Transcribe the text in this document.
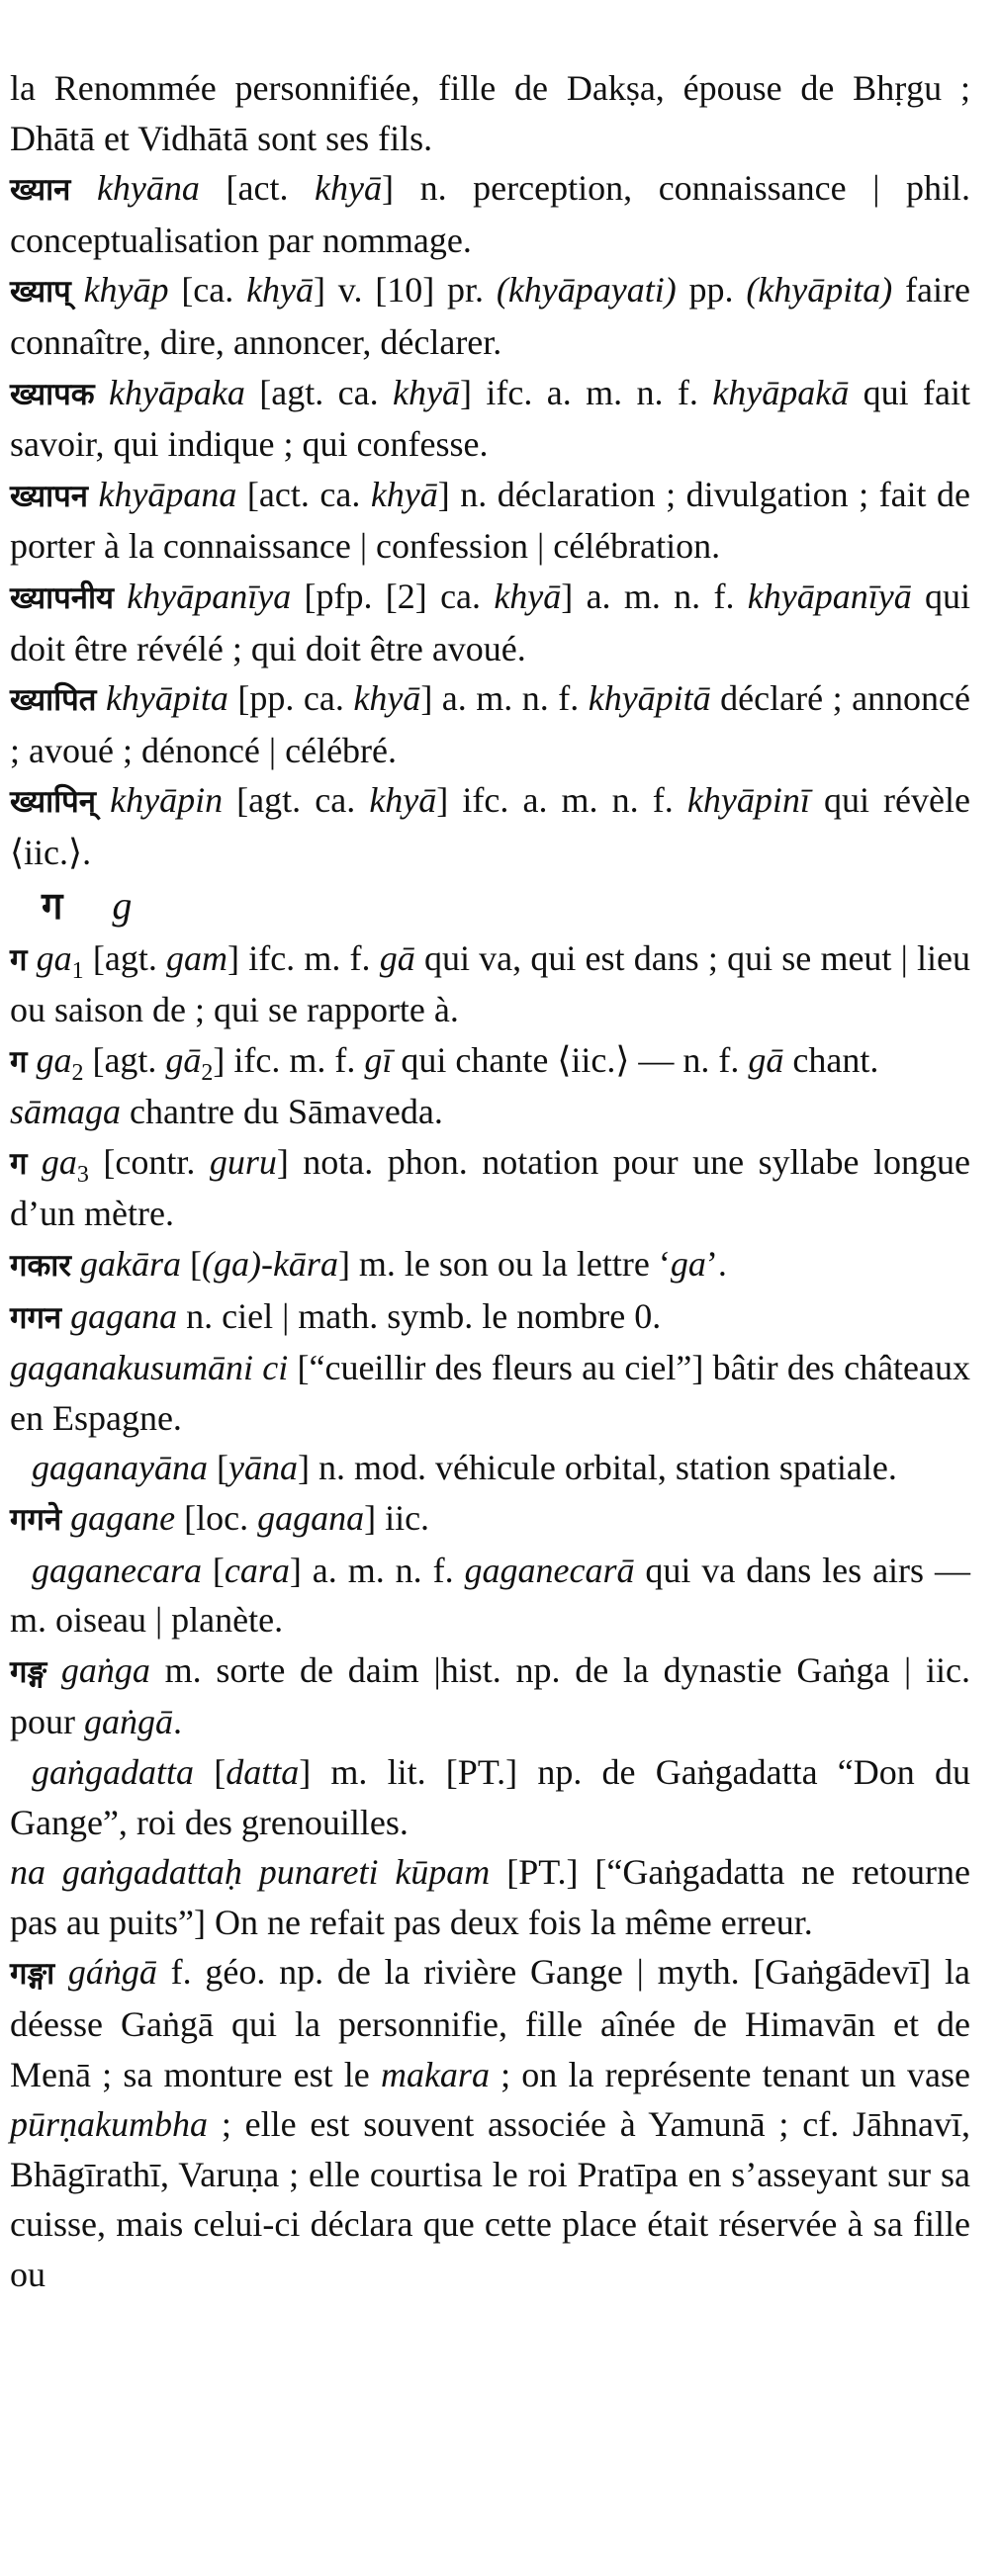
la Renommée personnifiée, fille de Dakṣa, épouse de Bhṛgu ; Dhātā et Vidhātā sont ses fils.

ख्यान khyāna [act. khyā] n. perception, connaissance | phil. conceptualisation par nommage.

ख्याप् khyāp [ca. khyā] v. [10] pr. (khyāpayati) pp. (khyāpita) faire connaître, dire, annoncer, déclarer.

ख्यापक khyāpaka [agt. ca. khyā] ifc. a. m. n. f. khyāpakā qui fait savoir, qui indique ; qui confesse.

ख्यापन khyāpana [act. ca. khyā] n. déclaration ; divulgation ; fait de porter à la connaissance | confession | célébration.

ख्यापनीय khyāpanīya [pfp. [2] ca. khyā] a. m. n. f. khyāpanīyā qui doit être révélé ; qui doit être avoué.

ख्यापित khyāpita [pp. ca. khyā] a. m. n. f. khyāpitā déclaré ; annoncé ; avoué ; dénoncé | célébré.

ख्यापिन् khyāpin [agt. ca. khyā] ifc. a. m. n. f. khyāpinī qui révèle ⟨iic.⟩.

ग g

ग $ga_1$ [agt. gam] ifc. m. f. gā qui va, qui est dans ; qui se meut | lieu ou saison de ; qui se rapporte à.

ग $ga_2$ [agt. $gā_2$] ifc. m. f. gī qui chante ⟨iic.⟩ — n. f. gā chant.

sāmaga chantre du Sāmaveda.

ग $ga_3$ [contr. guru] nota. phon. notation pour une syllabe longue d’un mètre.

गकार gakāra [(ga)-kāra] m. le son ou la lettre ‘ga’.

गगन gagana n. ciel | math. symb. le nombre 0.

gaganakusumāni ci [“cueillir des fleurs au ciel”] bâtir des châteaux en Espagne.

gaganayāna [yāna] n. mod. véhicule orbital, station spatiale.

गगने gagane [loc. gagana] iic.

gaganecara [cara] a. m. n. f. gaganecarā qui va dans les airs — m. oiseau | planète.

गङ्ग gaṅga m. sorte de daim |hist. np. de la dynastie Gaṅga | iic. pour gaṅgā.

gaṅgadatta [datta] m. lit. [PT.] np. de Gaṅgadatta “Don du Gange”, roi des grenouilles.

na gaṅgadattaḥ punareti kūpam [PT.] [“Gaṅgadatta ne retourne pas au puits”] On ne refait pas deux fois la même erreur.

गङ्गा gáṅgā f. géo. np. de la rivière Gange | myth. [Gaṅgādevī] la déesse Gaṅgā qui la personnifie, fille aînée de Himavān et de Menā ; sa monture est le makara ; on la représente tenant un vase pūrṇakumbha ; elle est souvent associée à Yamunā ; cf. Jāhnavī, Bhāgīrathī, Varuṇa ; elle courtisa le roi Pratīpa en s’asseyant sur sa cuisse, mais celui-ci déclara que cette place était réservée à sa fille ou
